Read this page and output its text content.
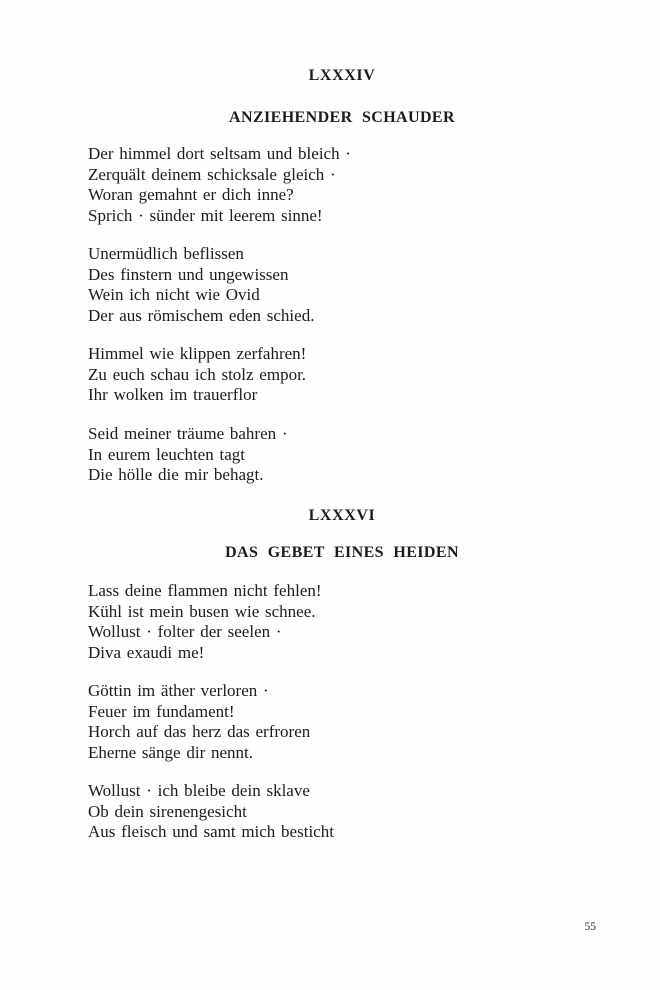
LXXXIV
ANZIEHENDER SCHAUDER

Der himmel dort seltsam und bleich ·

Zerquält deinem schicksale gleich ·

Woran gemahnt er dich inne?

Sprich · sünder mit leerem sinne!

Unermüdlich beflissen

Des finstern und ungewissen

Wein ich nicht wie Ovid

Der aus römischem eden schied.

Himmel wie klippen zerfahren!

Zu euch schau ich stolz empor.

Ihr wolken im trauerflor

Seid meiner träume bahren ·

In eurem leuchten tagt

Die hölle die mir behagt.

LXXXVI
DAS GEBET EINES HEIDEN

Lass deine flammen nicht fehlen!

Kühl ist mein busen wie schnee.

Wollust · folter der seelen ·

Diva exaudi me!

Göttin im äther verloren ·

Feuer im fundament!

Horch auf das herz das erfroren

Eherne sänge dir nennt.

Wollust · ich bleibe dein sklave

Ob dein sirenengesicht

Aus fleisch und samt mich besticht

55
